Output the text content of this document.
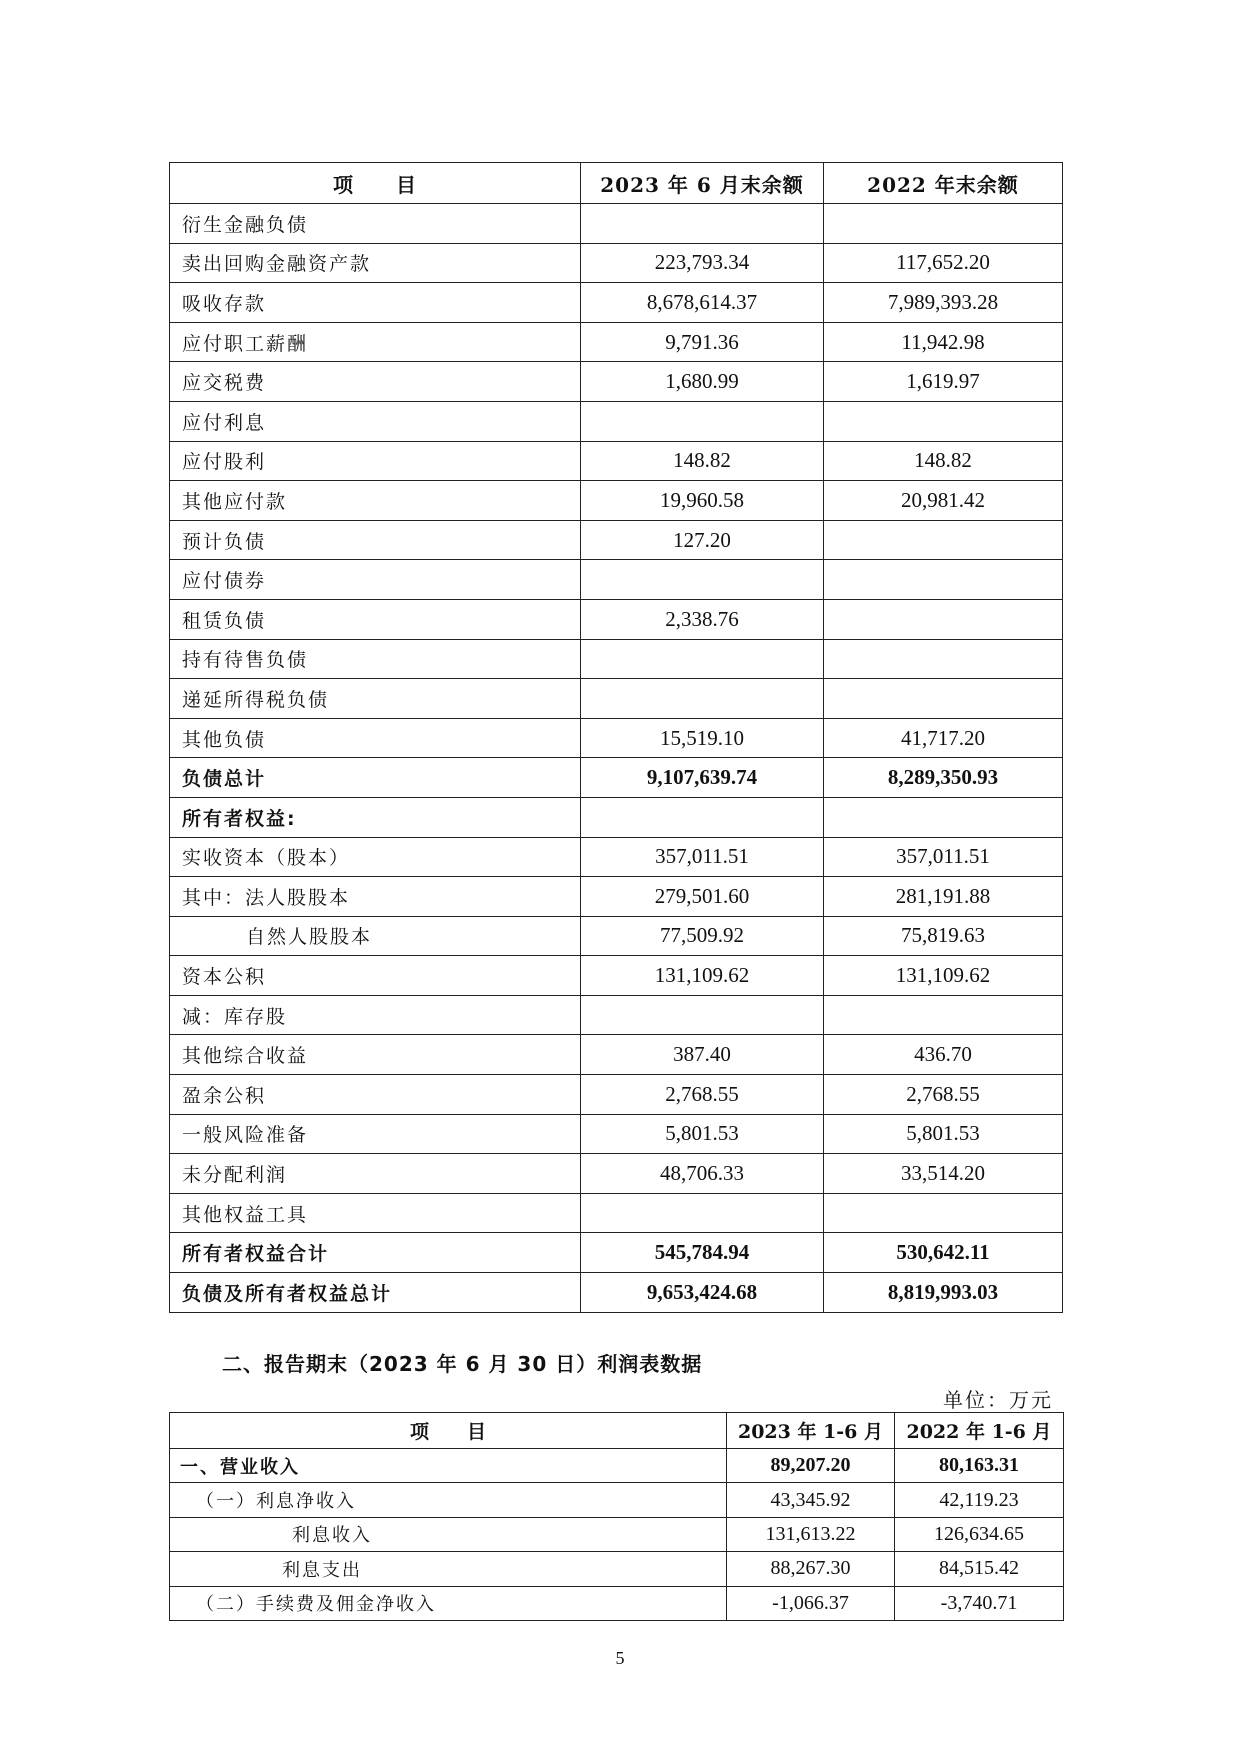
项　　目	2023 年 6 月末余额	2022 年末余额
衍生金融负债		
卖出回购金融资产款	223,793.34	117,652.20
吸收存款	8,678,614.37	7,989,393.28
应付职工薪酬	9,791.36	11,942.98
应交税费	1,680.99	1,619.97
应付利息		
应付股利	148.82	148.82
其他应付款	19,960.58	20,981.42
预计负债	127.20	
应付债券		
租赁负债	2,338.76	
持有待售负债		
递延所得税负债		
其他负债	15,519.10	41,717.20
负债总计	9,107,639.74	8,289,350.93
所有者权益:		
实收资本（股本）	357,011.51	357,011.51
其中：法人股股本	279,501.60	281,191.88
自然人股股本	77,509.92	75,819.63
资本公积	131,109.62	131,109.62
减：库存股		
其他综合收益	387.40	436.70
盈余公积	2,768.55	2,768.55
一般风险准备	5,801.53	5,801.53
未分配利润	48,706.33	33,514.20
其他权益工具		
所有者权益合计	545,784.94	530,642.11
负债及所有者权益总计	9,653,424.68	8,819,993.03
二、报告期末（2023 年 6 月 30 日）利润表数据
单位：万元
项　　目	2023 年 1-6 月	2022 年 1-6 月
一、营业收入	89,207.20	80,163.31
（一）利息净收入	43,345.92	42,119.23
利息收入	131,613.22	126,634.65
利息支出	88,267.30	84,515.42
（二）手续费及佣金净收入	-1,066.37	-3,740.71
5
